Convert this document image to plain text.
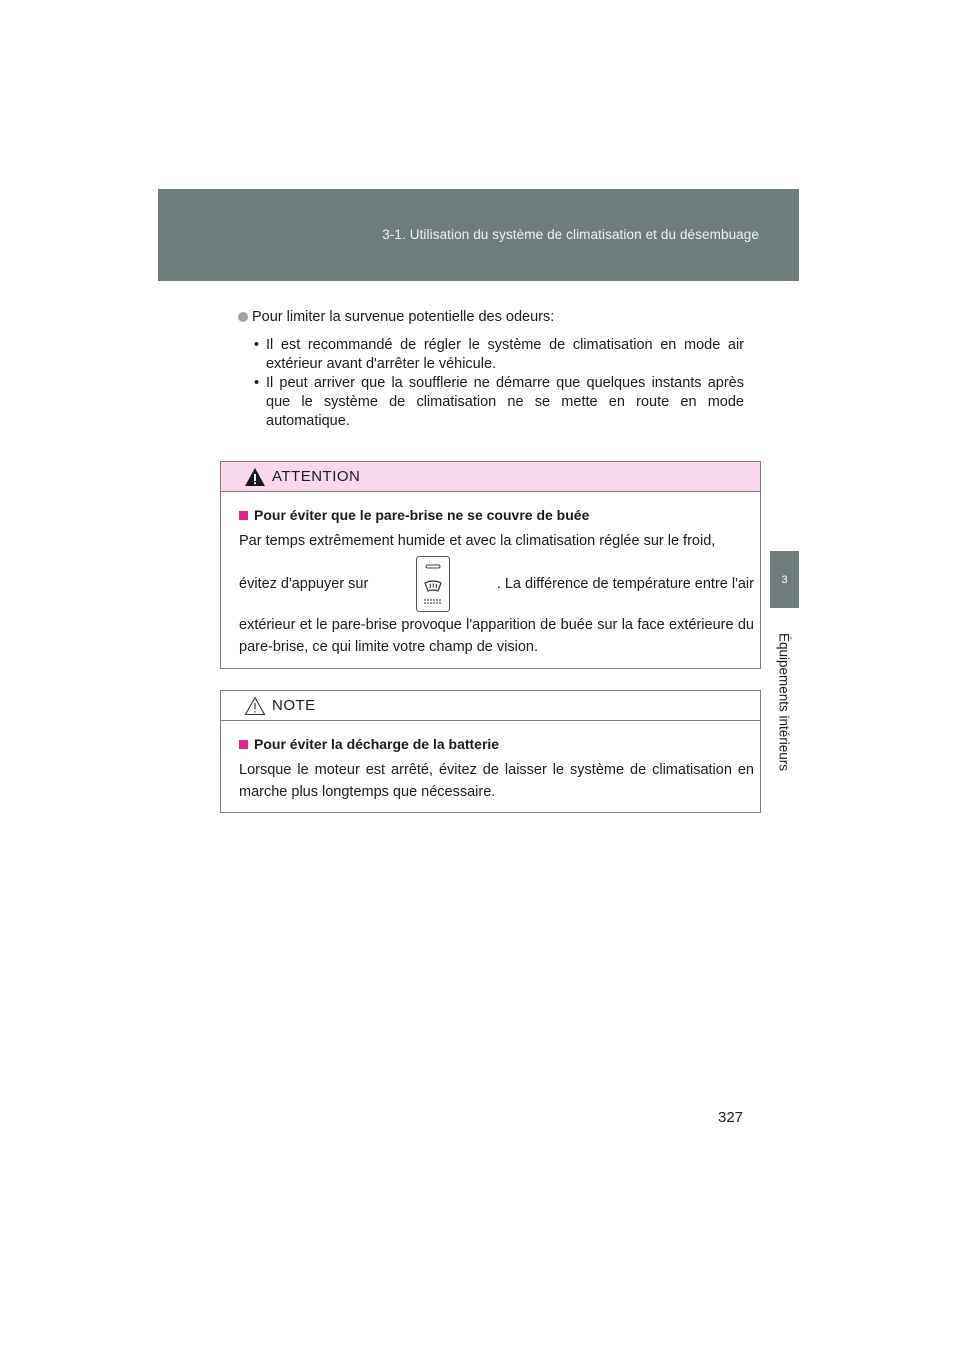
3-1. Utilisation du système de climatisation et du désembuage
3
Équipements intérieurs
Pour limiter la survenue potentielle des odeurs:
• Il est recommandé de régler le système de climatisation en mode air extérieur avant d'arrêter le véhicule.
• Il peut arriver que la soufflerie ne démarre que quelques instants après que le système de climatisation ne se mette en route en mode automatique.
ATTENTION
Pour éviter que le pare-brise ne se couvre de buée
Par temps extrêmement humide et avec la climatisation réglée sur le froid,
évitez d'appuyer sur	. La différence de température entre l'air
extérieur et le pare-brise provoque l'apparition de buée sur la face extérieure du pare-brise, ce qui limite votre champ de vision.
NOTE
Pour éviter la décharge de la batterie
Lorsque le moteur est arrêté, évitez de laisser le système de climatisation en marche plus longtemps que nécessaire.
327
